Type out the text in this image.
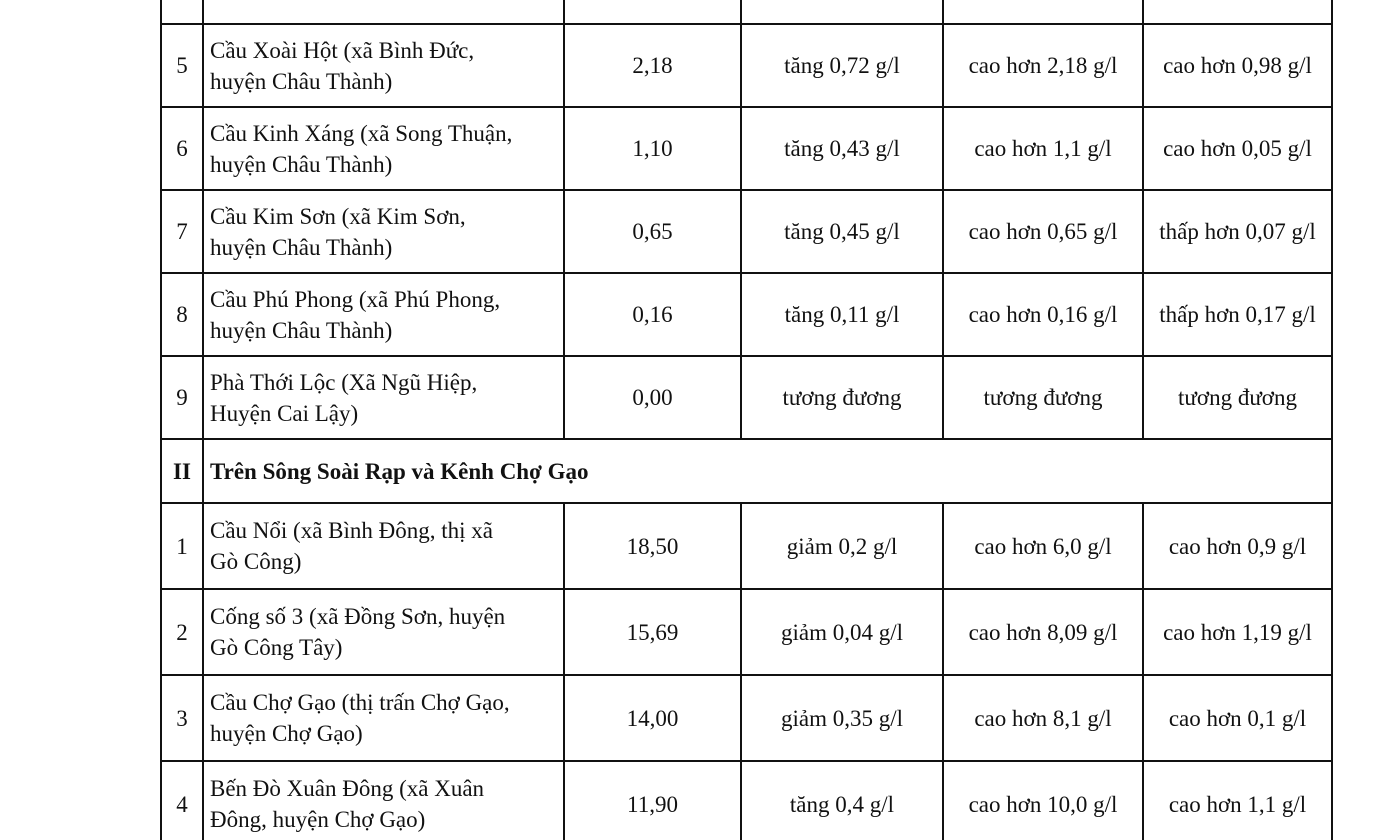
5	Cầu Xoài Hột (xã Bình Đức,
huyện Châu Thành)	2,18	tăng 0,72 g/l	cao hơn 2,18 g/l	cao hơn 0,98 g/l
6	Cầu Kinh Xáng (xã Song Thuận,
huyện Châu Thành)	1,10	tăng 0,43 g/l	cao hơn 1,1 g/l	cao hơn 0,05 g/l
7	Cầu Kim Sơn (xã Kim Sơn,
huyện Châu Thành)	0,65	tăng 0,45 g/l	cao hơn 0,65 g/l	thấp hơn 0,07 g/l
8	Cầu Phú Phong (xã Phú Phong,
huyện Châu Thành)	0,16	tăng 0,11 g/l	cao hơn 0,16 g/l	thấp hơn 0,17 g/l
9	Phà Thới Lộc (Xã Ngũ Hiệp,
Huyện Cai Lậy)	0,00	tương đương	tương đương	tương đương
II	Trên Sông Soài Rạp và Kênh Chợ Gạo				
1	Cầu Nổi (xã Bình Đông, thị xã
Gò Công)	18,50	giảm 0,2 g/l	cao hơn 6,0 g/l	cao hơn 0,9 g/l
2	Cống số 3 (xã Đồng Sơn, huyện
Gò Công Tây)	15,69	giảm 0,04 g/l	cao hơn 8,09 g/l	cao hơn 1,19 g/l
3	Cầu Chợ Gạo (thị trấn Chợ Gạo,
huyện Chợ Gạo)	14,00	giảm 0,35 g/l	cao hơn 8,1 g/l	cao hơn 0,1 g/l
4	Bến Đò Xuân Đông (xã Xuân
Đông, huyện Chợ Gạo)	11,90	tăng 0,4 g/l	cao hơn 10,0 g/l	cao hơn 1,1 g/l
